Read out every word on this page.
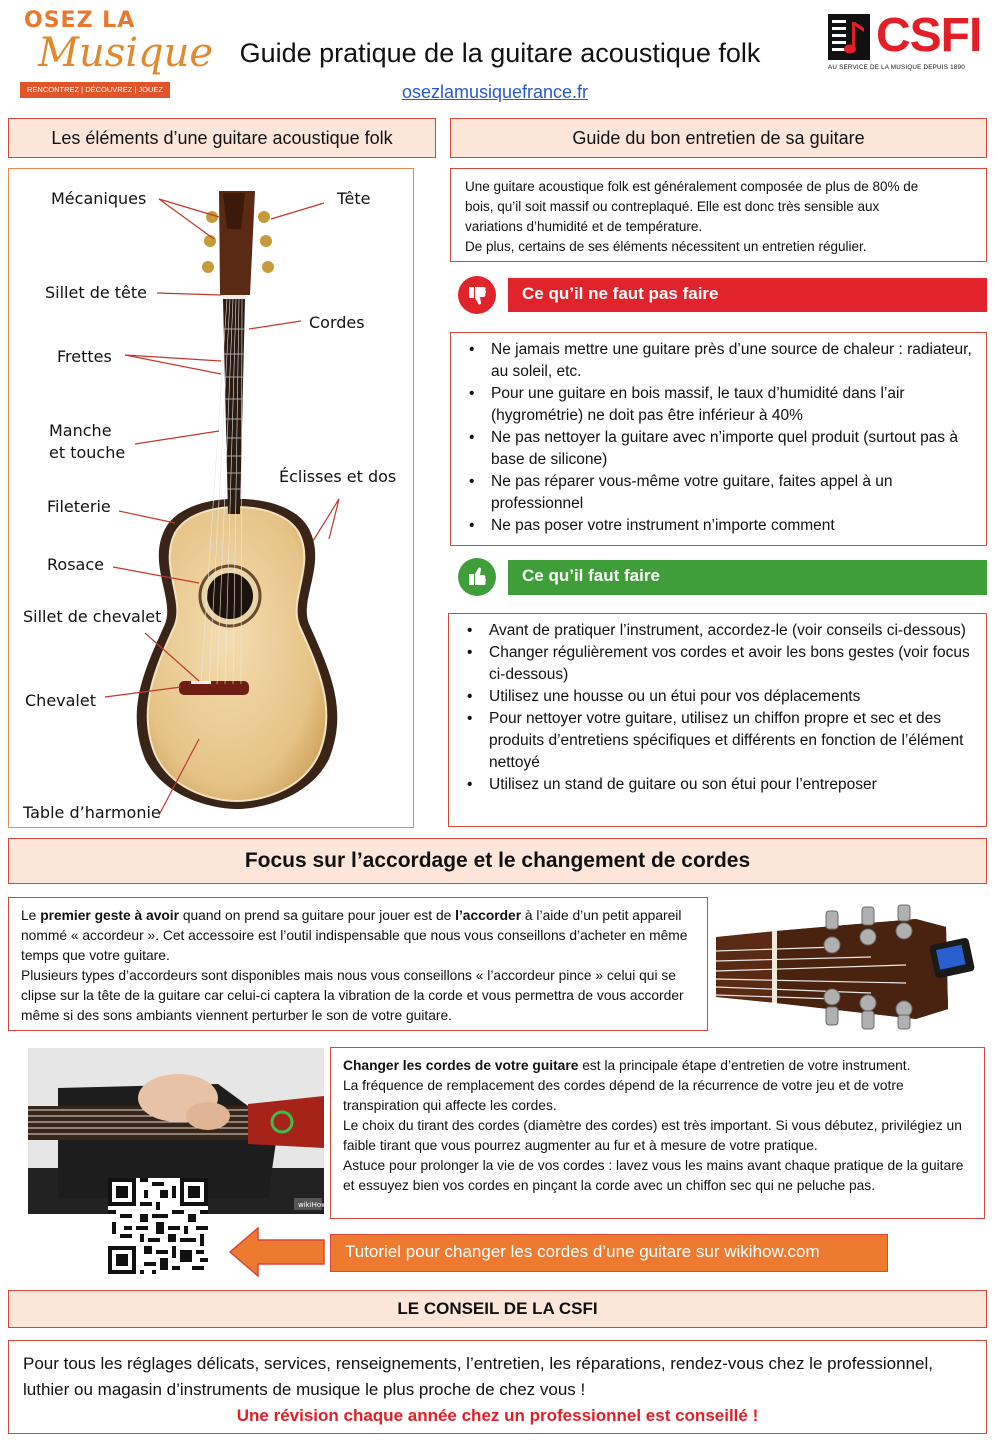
OSEZ LA
Musique
RENCONTREZ | DÉCOUVREZ | JOUEZ
Guide pratique de la guitare acoustique folk
osezlamusiquefrance.fr
CSFI
AU SERVICE DE LA MUSIQUE DEPUIS 1890
Les éléments d’une guitare acoustique folk
Mécaniques	Tête
Sillet de tête
Cordes
Frettes
Manche
et touche
Éclisses et dos
Fileterie
Rosace
Sillet de chevalet
Chevalet
Table d’harmonie
Guide du bon entretien de sa guitare
Une guitare acoustique folk est généralement composée de plus de 80% de
bois, qu’il soit massif ou contreplaqué. Elle est donc très sensible aux
variations d’humidité et de température.
De plus, certains de ses éléments nécessitent un entretien régulier.
Ce qu’il ne faut pas faire
• Ne jamais mettre une guitare près d’une source de chaleur : radiateur, au soleil, etc.
• Pour une guitare en bois massif, le taux d’humidité dans l’air (hygrométrie) ne doit pas être inférieur à 40%
• Ne pas nettoyer la guitare avec n’importe quel produit (surtout pas à base de silicone)
• Ne pas réparer vous-même votre guitare, faites appel à un professionnel
• Ne pas poser votre instrument n’importe comment
Ce qu’il faut faire
• Avant de pratiquer l’instrument, accordez-le (voir conseils ci-dessous)
• Changer régulièrement vos cordes et avoir les bons gestes (voir focus ci-dessous)
• Utilisez une housse ou un étui pour vos déplacements
• Pour nettoyer votre guitare, utilisez un chiffon propre et sec et des produits d’entretiens spécifiques et différents en fonction de l’élément nettoyé
• Utilisez un stand de guitare ou son étui pour l’entreposer
Focus sur l’accordage et le changement de cordes
Le premier geste à avoir quand on prend sa guitare pour jouer est de l’accorder à l’aide d’un petit appareil nommé « accordeur ». Cet accessoire est l’outil indispensable que nous vous conseillons d’acheter en même temps que votre guitare.
Plusieurs types d’accordeurs sont disponibles mais nous vous conseillons « l’accordeur pince » celui qui se clipse sur la tête de la guitare car celui-ci captera la vibration de la corde et vous permettra de vous accorder même si des sons ambiants viennent perturber le son de votre guitare.
wikiHow
Changer les cordes de votre guitare est la principale étape d’entretien de votre instrument.
La fréquence de remplacement des cordes dépend de la récurrence de votre jeu et de votre transpiration qui affecte les cordes.
Le choix du tirant des cordes (diamètre des cordes) est très important. Si vous débutez, privilégiez un faible tirant que vous pourrez augmenter au fur et à mesure de votre pratique.
Astuce pour prolonger la vie de vos cordes : lavez vous les mains avant chaque pratique de la guitare et essuyez bien vos cordes en pinçant la corde avec un chiffon sec qui ne peluche pas.
Tutoriel pour changer les cordes d’une guitare sur wikihow.com
LE CONSEIL DE LA CSFI
Pour tous les réglages délicats, services, renseignements, l’entretien, les réparations, rendez-vous chez le professionnel, luthier ou magasin d’instruments de musique le plus proche de chez vous !
Une révision chaque année chez un professionnel est conseillé !
